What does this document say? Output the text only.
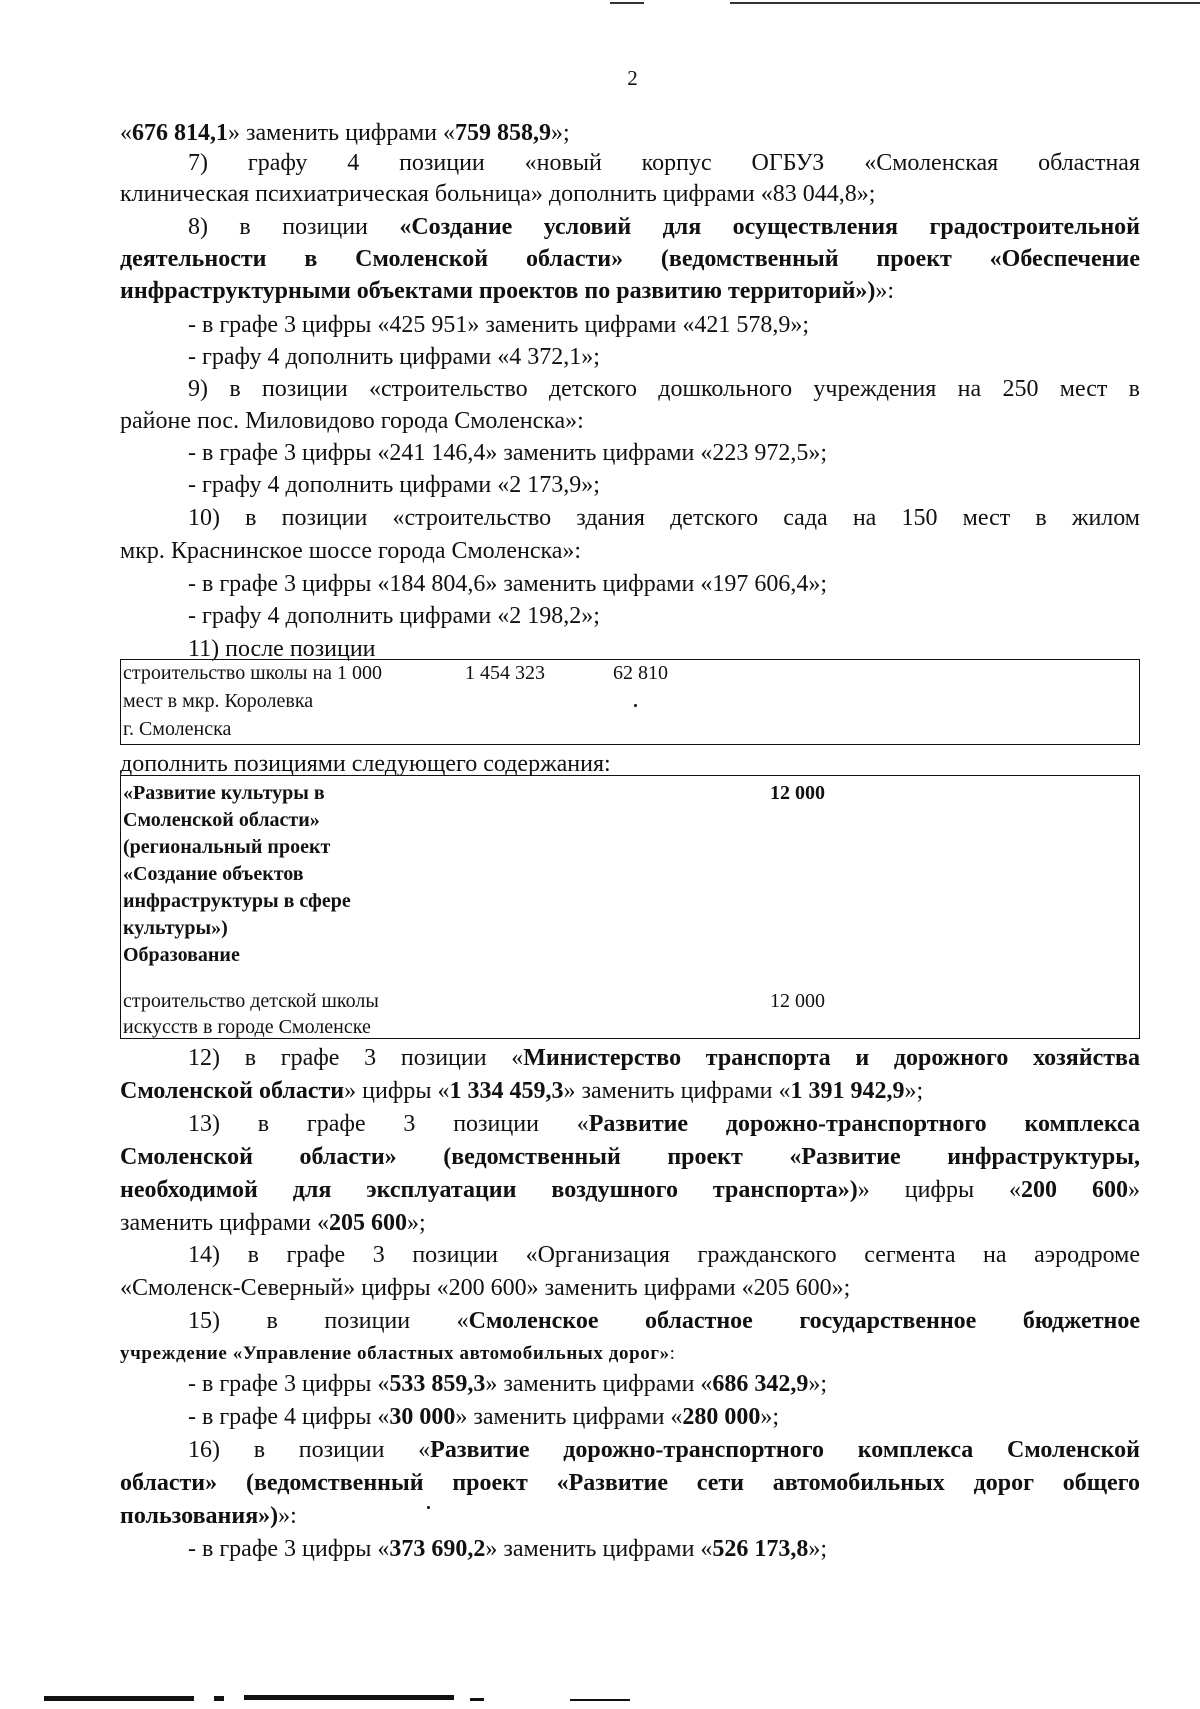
2
«676 814,1» заменить цифрами «759 858,9»;
7) графу 4 позиции «новый корпус ОГБУЗ «Смоленская областная
клиническая психиатрическая больница» дополнить цифрами «83 044,8»;
8) в позиции «Создание условий для осуществления градостроительной
деятельности в Смоленской области» (ведомственный проект «Обеспечение
инфраструктурными объектами проектов по развитию территорий»)»:
- в графе 3 цифры «425 951» заменить цифрами «421 578,9»;
- графу 4 дополнить цифрами «4 372,1»;
9) в позиции «строительство детского дошкольного учреждения на 250 мест в
районе пос. Миловидово города Смоленска»:
- в графе 3 цифры «241 146,4» заменить цифрами «223 972,5»;
- графу 4 дополнить цифрами «2 173,9»;
10) в позиции «строительство здания детского сада на 150 мест в жилом
мкр. Краснинское шоссе города Смоленска»:
- в графе 3 цифры «184 804,6» заменить цифрами «197 606,4»;
- графу 4 дополнить цифрами «2 198,2»;
11) после позиции
строительство школы на 1 000
мест в мкр. Королевка
г. Смоленска
1 454 323	62 810
дополнить позициями следующего содержания:
«Развитие культуры в
Смоленской области»
(региональный проект
«Создание объектов
инфраструктуры в сфере
культуры»)
Образование
12 000
строительство детской школы
искусств в городе Смоленске
12 000
12) в графе 3 позиции «Министерство транспорта и дорожного хозяйства
Смоленской области» цифры «1 334 459,3» заменить цифрами «1 391 942,9»;
13) в графе 3 позиции «Развитие дорожно-транспортного комплекса
Смоленской области» (ведомственный проект «Развитие инфраструктуры,
необходимой для эксплуатации воздушного транспорта»)» цифры «200 600»
заменить цифрами «205 600»;
14) в графе 3 позиции «Организация гражданского сегмента на аэродроме
«Смоленск-Северный» цифры «200 600» заменить цифрами «205 600»;
15) в позиции «Смоленское областное государственное бюджетное
учреждение «Управление областных автомобильных дорог»:
- в графе 3 цифры «533 859,3» заменить цифрами «686 342,9»;
- в графе 4 цифры «30 000» заменить цифрами «280 000»;
16) в позиции «Развитие дорожно-транспортного комплекса Смоленской
области» (ведомственный проект «Развитие сети автомобильных дорог общего
пользования»)»:
- в графе 3 цифры «373 690,2» заменить цифрами «526 173,8»;
